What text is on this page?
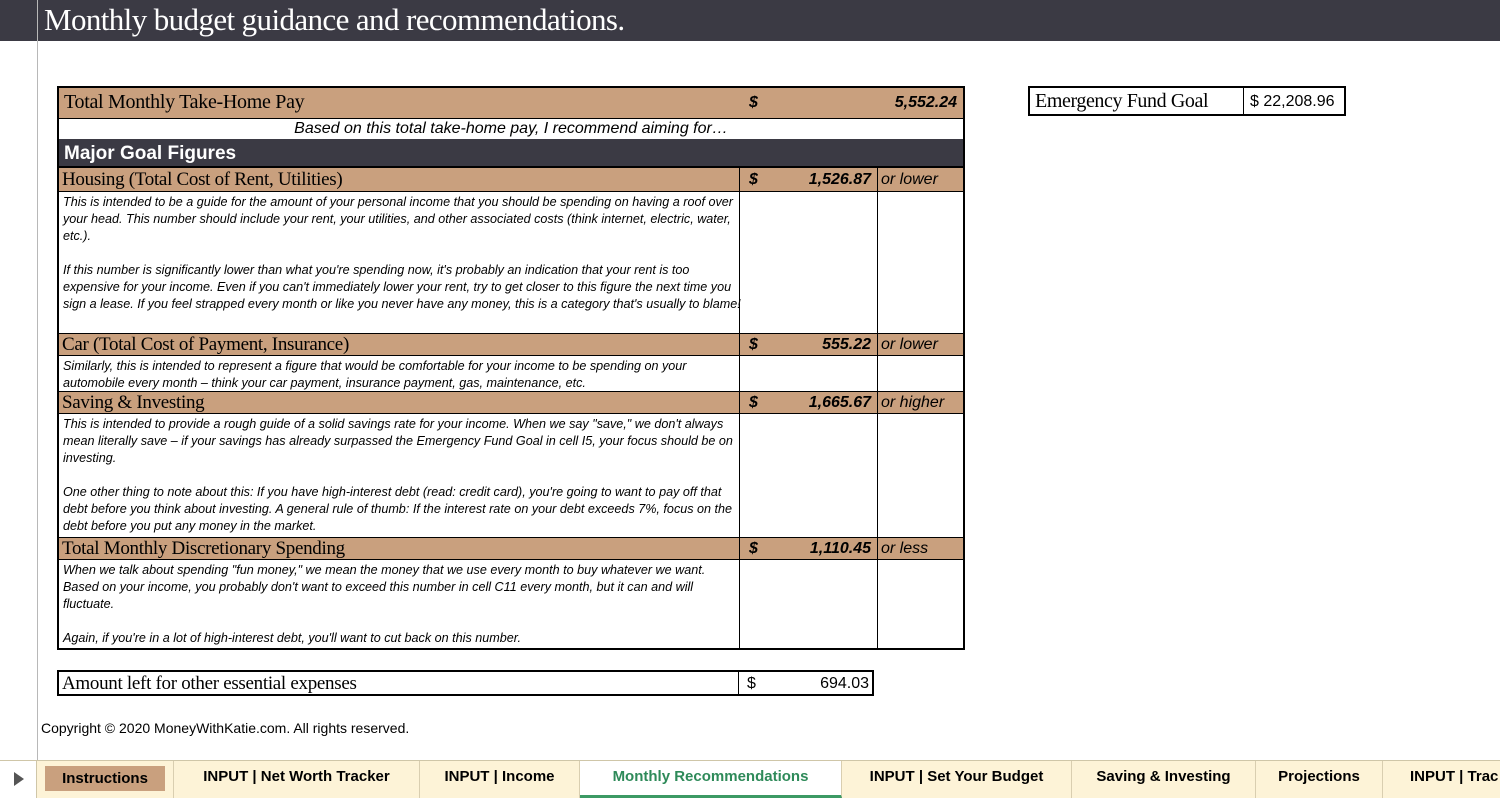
Monthly budget guidance and recommendations.
Total Monthly Take-Home Pay	$	5,552.24
Based on this total take-home pay, I recommend aiming for…
Major Goal Figures
Housing (Total Cost of Rent, Utilities)	$	1,526.87 or lower

This is intended to be a guide for the amount of your personal income that you should be spending on having a roof over your head. This number should include your rent, your utilities, and other associated costs (think internet, electric, water, etc.).

If this number is significantly lower than what you're spending now, it's probably an indication that your rent is too expensive for your income. Even if you can't immediately lower your rent, try to get closer to this figure the next time you sign a lease. If you feel strapped every month or like you never have any money, this is a category that's usually to blame!

Car (Total Cost of Payment, Insurance)	$	555.22 or lower

Similarly, this is intended to represent a figure that would be comfortable for your income to be spending on your automobile every month – think your car payment, insurance payment, gas, maintenance, etc.

Saving & Investing	$	1,665.67 or higher

This is intended to provide a rough guide of a solid savings rate for your income. When we say "save," we don't always mean literally save – if your savings has already surpassed the Emergency Fund Goal in cell I5, your focus should be on investing.

One other thing to note about this: If you have high-interest debt (read: credit card), you're going to want to pay off that debt before you think about investing. A general rule of thumb: If the interest rate on your debt exceeds 7%, focus on the debt before you put any money in the market.

Total Monthly Discretionary Spending	$	1,110.45 or less

When we talk about spending "fun money," we mean the money that we use every month to buy whatever we want. Based on your income, you probably don't want to exceed this number in cell C11 every month, but it can and will fluctuate.

Again, if you're in a lot of high-interest debt, you'll want to cut back on this number.

Emergency Fund Goal	$ 22,208.96
Amount left for other essential expenses	$	694.03
Copyright © 2020 MoneyWithKatie.com. All rights reserved.
Instructions	INPUT | Net Worth Tracker	INPUT | Income	Monthly Recommendations	INPUT | Set Your Budget	Saving & Investing	Projections	INPUT | Trac
